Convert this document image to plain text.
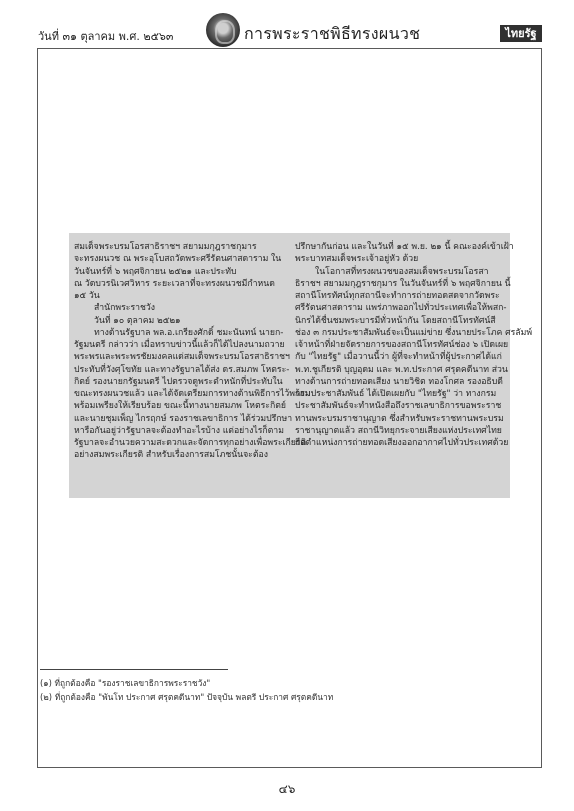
วันที่ ๓๑ ตุลาคม พ.ศ. ๒๕๖๓	การพระราชพิธีทรงผนวช	ไทยรัฐ
สมเด็จพระบรมโอรสาธิราชฯ สยามมกุฎราชกุมาร
จะทรงผนวช ณ พระอุโบสถวัดพระศรีรัตนศาสดาราม ใน
วันจันทร์ที่ ๖ พฤศจิกายน ๒๕๒๑ และประทับ
ณ วัดบวรนิเวศวิหาร ระยะเวลาที่จะทรงผนวชมีกำหนด
๑๕ วัน
สำนักพระราชวัง
วันที่ ๑๐ ตุลาคม ๒๕๒๑
ทางด้านรัฐบาล พล.อ.เกรียงศักดิ์ ชมะนันทน์ นายก-
รัฐมนตรี กล่าวว่า เมื่อทราบข่าวนี้แล้วก็ได้ไปลงนามถวาย
พระพรและพระพรชัยมงคลแด่สมเด็จพระบรมโอรสาธิราชฯ
ประทับที่วังศุโขทัย และทางรัฐบาลได้ส่ง ดร.สมภพ โหตระ-
กิตย์ รองนายกรัฐมนตรี ไปตรวจดูพระตำหนักที่ประทับใน
ขณะทรงผนวชแล้ว และได้จัดเตรียมการทางด้านพิธีการไว้พร้อม
พร้อมเพรียงให้เรียบร้อย ขณะนี้ทางนายสมภพ โหตระกิตย์
และนายชุมเพ็ญ ไกรฤกษ์ รองราชเลขาธิการ ได้ร่วมปรึกษา
หารือกันอยู่ว่ารัฐบาลจะต้องทำอะไรบ้าง แต่อย่างไรก็ตาม
รัฐบาลจะอำนวยความสะดวกและจัดการทุกอย่างเพื่อพระเกียรติ
อย่างสมพระเกียรติ สำหรับเรื่องการสมโภชนั้นจะต้อง
ปรึกษากันก่อน และในวันที่ ๑๕ พ.ย. ๒๑ นี้ คณะองค์เข้าเฝ้า
พระบาทสมเด็จพระเจ้าอยู่หัว ด้วย
ในโอกาสที่ทรงผนวชของสมเด็จพระบรมโอรสา
ธิราชฯ สยามมกุฎราชกุมาร ในวันจันทร์ที่ ๖ พฤศจิกายน นี้
สถานีโทรทัศน์ทุกสถานีจะทำการถ่ายทอดสดจากวัดพระ
ศรีรัตนศาสดาราม แพร่ภาพออกไปทั่วประเทศเพื่อให้พสก-
นิกรได้ชื่นชมพระบารมีทั่วหน้ากัน โดยสถานีโทรทัศน์สี
ช่อง ๓ กรมประชาสัมพันธ์จะเป็นแม่ข่าย ซึ่งนายประโภค ศรลัมพ์
เจ้าหน้าที่ฝ่ายจัดรายการของสถานีโทรทัศน์ช่อง ๖ เปิดเผย
กับ "ไทยรัฐ" เมื่อวานนี้ว่า ผู้ที่จะทำหน้าที่ผู้ประกาศได้แก่
พ.ท.ชูเกียรติ บุญอุดม และ พ.ท.ประกาศ ศรุตคดีนาท ส่วน
ทางด้านการถ่ายทอดเสียง นายวิชิต ทองโกศล รองอธิบดี
กรมประชาสัมพันธ์ ได้เปิดเผยกับ "ไทยรัฐ" ว่า ทางกรม
ประชาสัมพันธ์จะทำหนังสือถึงราชเลขาธิการขอพระราช
ทานพระบรมราชานุญาต ซึ่งสำหรับพระราชทานพระบรม
ราชานุญาตแล้ว สถานีวิทยุกระจายเสียงแห่งประเทศไทย
ถือตำแหน่งการถ่ายทอดเสียงออกอากาศไปทั่วประเทศด้วย
(๑) ที่ถูกต้องคือ "รองราชเลขาธิการพระราชวัง"
(๒) ที่ถูกต้องคือ "พันโท ประกาศ ศรุตคดีนาท" ปัจจุบัน พลตรี ประกาศ ศรุตคดีนาท
๔๖
